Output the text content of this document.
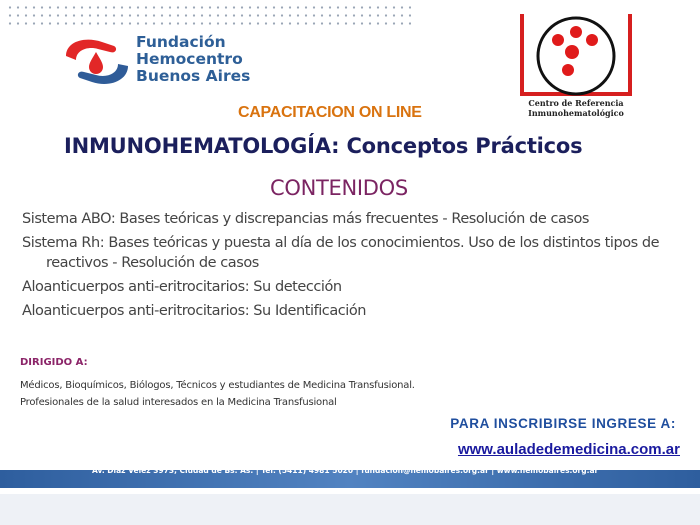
Fundación
Hemocentro
Buenos Aires
Centro de Referencia
Inmunohematológico
CAPACITACION ON LINE
INMUNOHEMATOLOGÍA: Conceptos Prácticos
CONTENIDOS
Sistema ABO: Bases teóricas y discrepancias más frecuentes - Resolución de casos
Sistema Rh: Bases teóricas y puesta al día de los conocimientos. Uso de los distintos tipos de
reactivos - Resolución de casos
Aloanticuerpos anti-eritrocitarios: Su detección
Aloanticuerpos anti-eritrocitarios: Su Identificación
DIRIGIDO A:
Médicos, Bioquímicos, Biólogos, Técnicos y estudiantes de Medicina Transfusional.
Profesionales de la salud interesados en la Medicina Transfusional
PARA INSCRIBIRSE INGRESE A:
www.auladedemedicina.com.ar
Av. Díaz Velez 3973, Ciudad de Bs. As. | Tel. (5411) 4981 5020 | fundación@hemobaires.org.ar | www.hemobaires.org.ar
